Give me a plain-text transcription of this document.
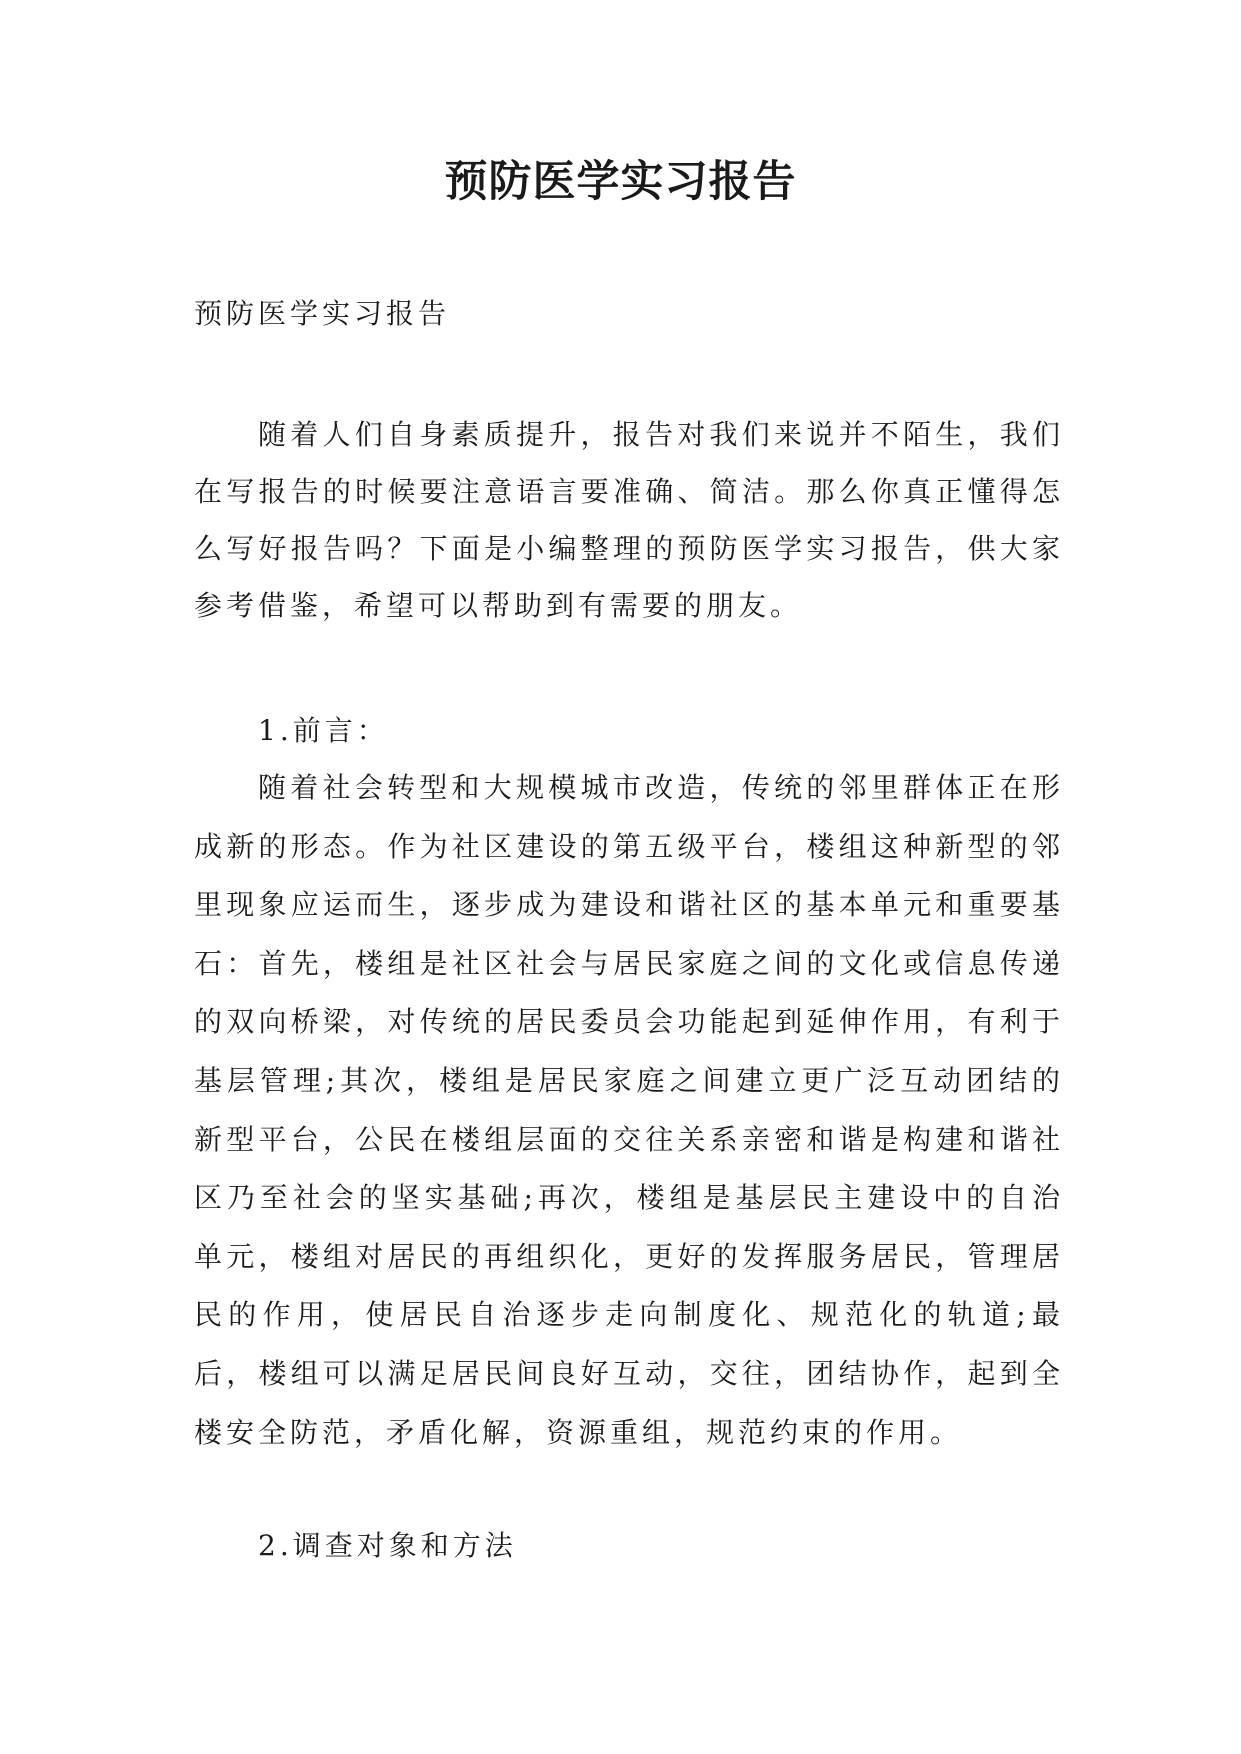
预防医学实习报告
预防医学实习报告

随着人们自身素质提升，报告对我们来说并不陌生，我们在写报告的时候要注意语言要准确、简洁。那么你真正懂得怎么写好报告吗？下面是小编整理的预防医学实习报告，供大家参考借鉴，希望可以帮助到有需要的朋友。

1.前言：

随着社会转型和大规模城市改造，传统的邻里群体正在形成新的形态。作为社区建设的第五级平台，楼组这种新型的邻里现象应运而生，逐步成为建设和谐社区的基本单元和重要基石：首先，楼组是社区社会与居民家庭之间的文化或信息传递的双向桥梁，对传统的居民委员会功能起到延伸作用，有利于基层管理;其次，楼组是居民家庭之间建立更广泛互动团结的新型平台，公民在楼组层面的交往关系亲密和谐是构建和谐社区乃至社会的坚实基础;再次，楼组是基层民主建设中的自治单元，楼组对居民的再组织化，更好的发挥服务居民，管理居民的作用，使居民自治逐步走向制度化、规范化的轨道;最后，楼组可以满足居民间良好互动，交往，团结协作，起到全楼安全防范，矛盾化解，资源重组，规范约束的作用。

2.调查对象和方法
